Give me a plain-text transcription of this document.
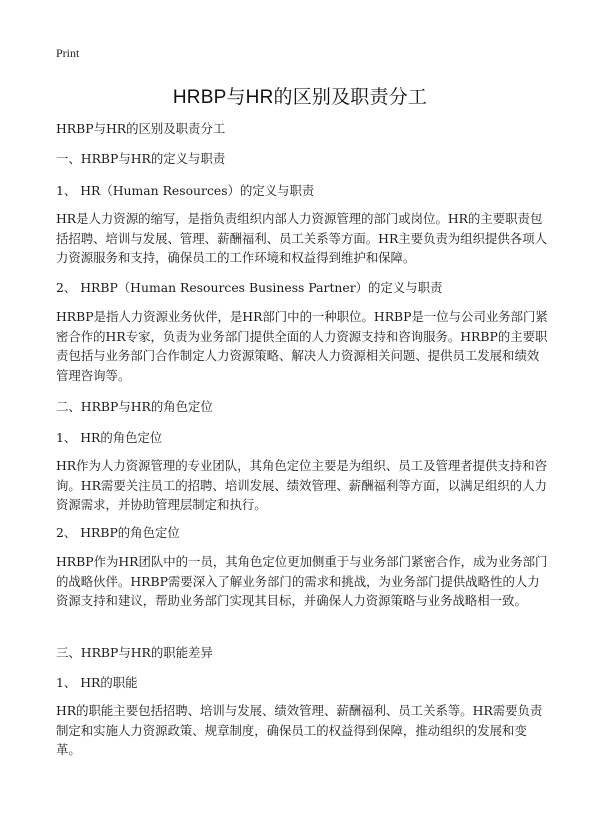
Print
HRBP与HR的区别及职责分工
HRBP与HR的区别及职责分工
一、HRBP与HR的定义与职责
1、 HR（Human Resources）的定义与职责
HR是人力资源的缩写，是指负责组织内部人力资源管理的部门或岗位。HR的主要职责包括招聘、培训与发展、管理、薪酬福利、员工关系等方面。HR主要负责为组织提供各项人力资源服务和支持，确保员工的工作环境和权益得到维护和保障。
2、 HRBP（Human Resources Business Partner）的定义与职责
HRBP是指人力资源业务伙伴，是HR部门中的一种职位。HRBP是一位与公司业务部门紧密合作的HR专家，负责为业务部门提供全面的人力资源支持和咨询服务。HRBP的主要职责包括与业务部门合作制定人力资源策略、解决人力资源相关问题、提供员工发展和绩效管理咨询等。
二、HRBP与HR的角色定位
1、 HR的角色定位
HR作为人力资源管理的专业团队，其角色定位主要是为组织、员工及管理者提供支持和咨询。HR需要关注员工的招聘、培训发展、绩效管理、薪酬福利等方面，以满足组织的人力资源需求，并协助管理层制定和执行。
2、 HRBP的角色定位
HRBP作为HR团队中的一员，其角色定位更加侧重于与业务部门紧密合作，成为业务部门的战略伙伴。HRBP需要深入了解业务部门的需求和挑战，为业务部门提供战略性的人力资源支持和建议，帮助业务部门实现其目标，并确保人力资源策略与业务战略相一致。
三、HRBP与HR的职能差异
1、 HR的职能
HR的职能主要包括招聘、培训与发展、绩效管理、薪酬福利、员工关系等。HR需要负责制定和实施人力资源政策、规章制度，确保员工的权益得到保障，推动组织的发展和变革。
